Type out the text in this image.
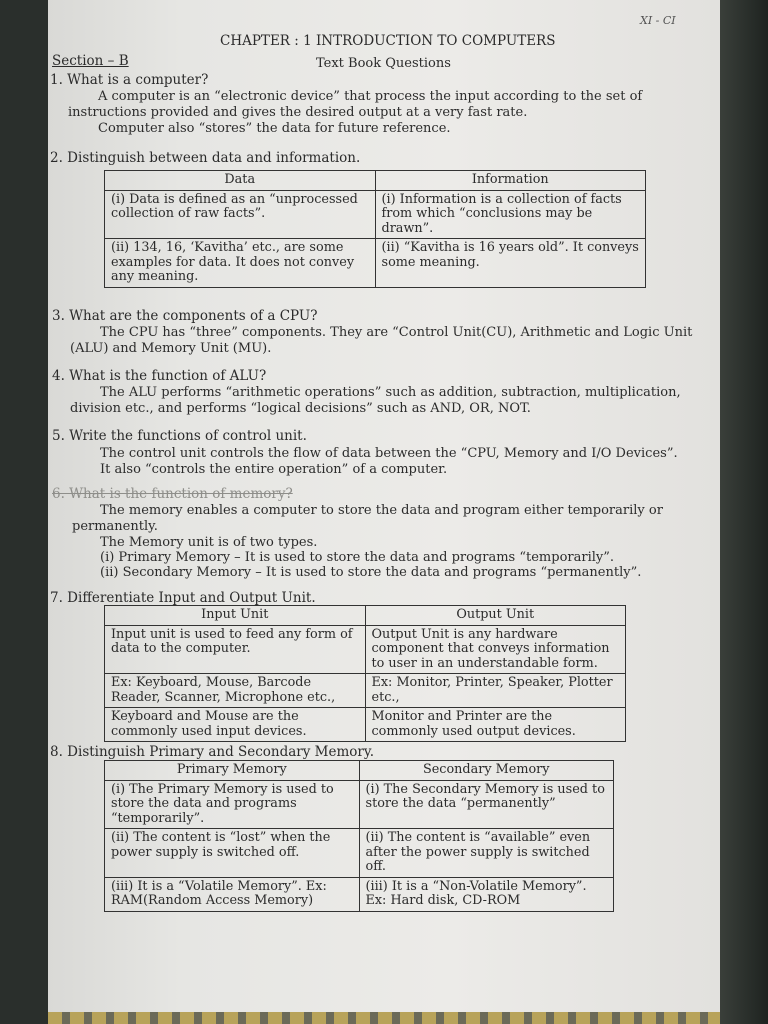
XI - CI
CHAPTER : 1 INTRODUCTION TO COMPUTERS
Text Book Questions
Section – B
1. What is a computer?
A computer is an “electronic device” that process the input according to the set of
instructions provided and gives the desired output at a very fast rate.
Computer also “stores” the data for future reference.
2. Distinguish between data and information.
Data	Information
(i) Data is defined as an “unprocessed collection of raw facts”.	(i) Information is a collection of facts from which “conclusions may be drawn”.
(ii) 134, 16, ‘Kavitha’ etc., are some examples for data. It does not convey any meaning.	(ii) “Kavitha is 16 years old”. It conveys some meaning.
3. What are the components of a CPU?
The CPU has “three” components. They are “Control Unit(CU), Arithmetic and Logic Unit
(ALU) and Memory Unit (MU).
4. What is the function of ALU?
The ALU performs “arithmetic operations” such as addition, subtraction, multiplication,
division etc., and performs “logical decisions” such as AND, OR, NOT.
5. Write the functions of control unit.
The control unit controls the flow of data between the “CPU, Memory and I/O Devices”.
It also “controls the entire operation” of a computer.
6. What is the function of memory?
The memory enables a computer to store the data and program either temporarily or
permanently.
The Memory unit is of two types.
(i) Primary Memory – It is used to store the data and programs “temporarily”.
(ii) Secondary Memory – It is used to store the data and programs “permanently”.
7. Differentiate Input and Output Unit.
Input Unit	Output Unit
Input unit is used to feed any form of data to the computer.	Output Unit is any hardware component that conveys information to user in an understandable form.
Ex: Keyboard, Mouse, Barcode Reader, Scanner, Microphone etc.,	Ex: Monitor, Printer, Speaker, Plotter etc.,
Keyboard and Mouse are the commonly used input devices.	Monitor and Printer are the commonly used output devices.
8. Distinguish Primary and Secondary Memory.
Primary Memory	Secondary Memory
(i) The Primary Memory is used to store the data and programs “temporarily”.	(i) The Secondary Memory is used to store the data “permanently”
(ii) The content is “lost” when the power supply is switched off.	(ii) The content is “available” even after the power supply is switched off.
(iii) It is a “Volatile Memory”. Ex: RAM(Random Access Memory)	(iii) It is a “Non-Volatile Memory”. Ex: Hard disk, CD-ROM
